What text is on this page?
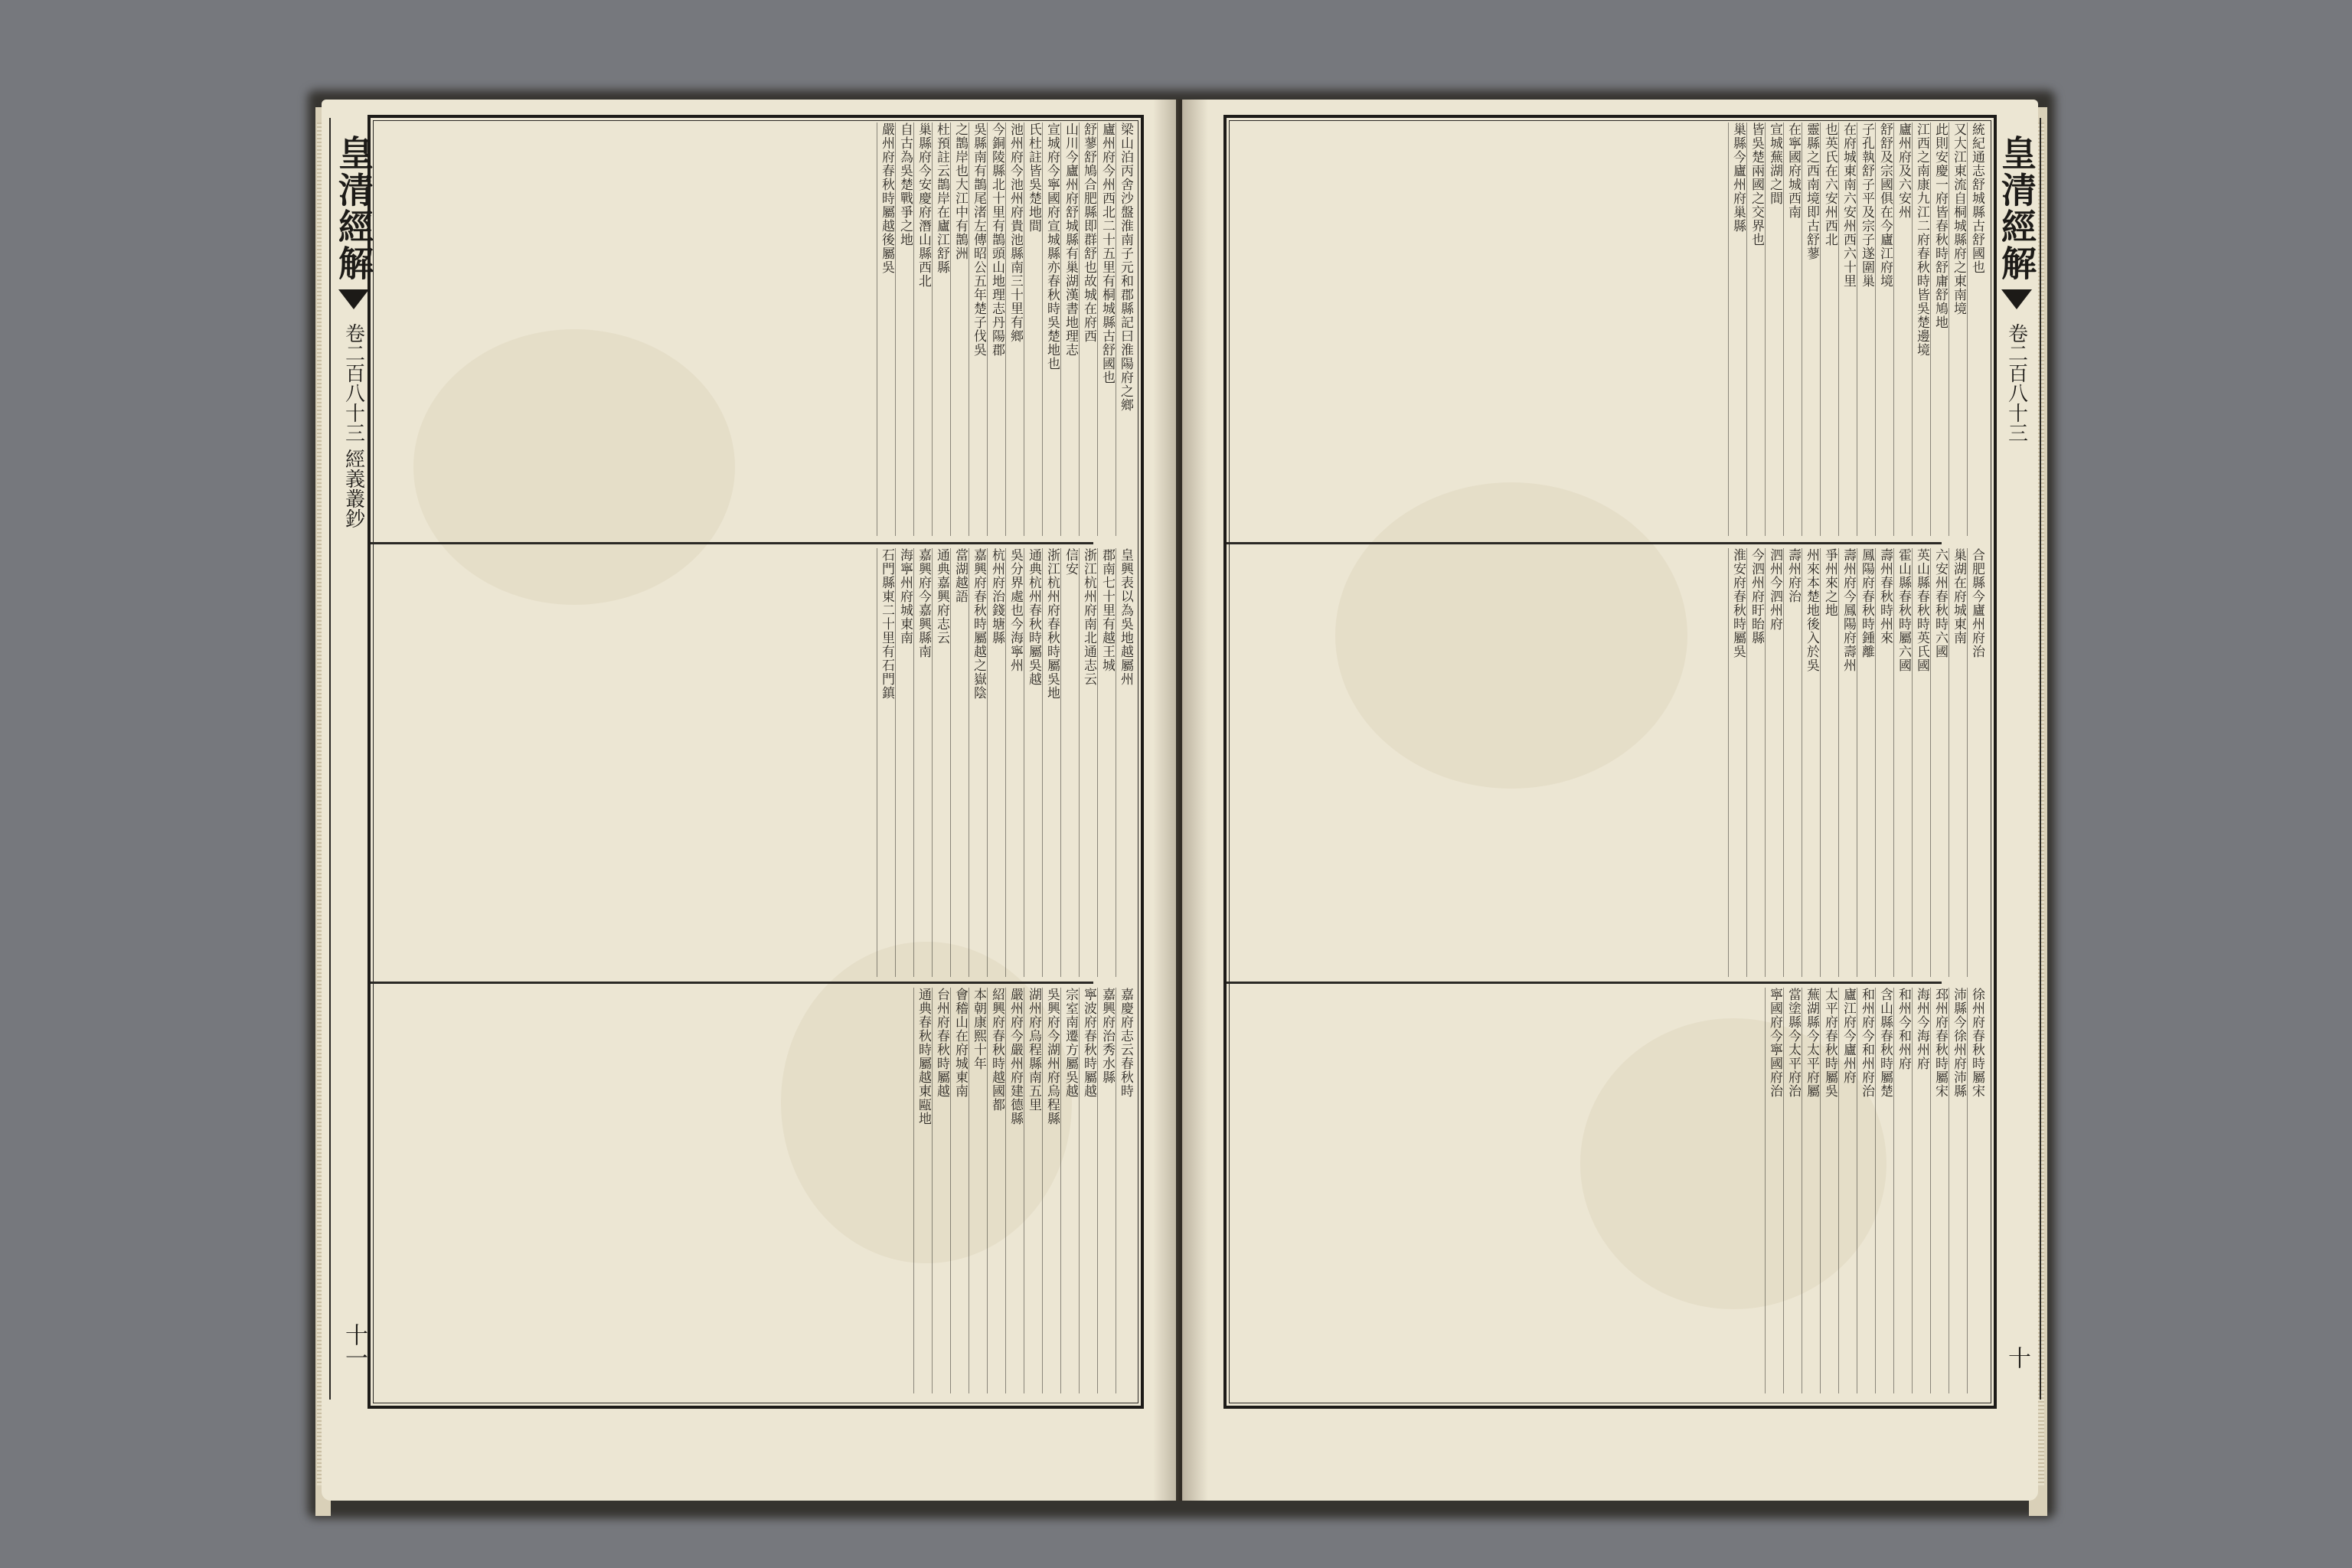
皇清經解
卷二百八十三
經義叢鈔
十一
皇清經解
卷二百八十三
十
梁山泊丙舍沙盤淮南子元和郡縣記曰淮陽府之鄉
廬州府今州西北二十五里有桐城縣古舒國也
舒蓼舒鳩合肥縣即群舒也故城在府西
山川今廬州府舒城縣有巢湖漢書地理志
宣城府今寧國府宣城縣亦春秋時吳楚地也
氏杜註皆吳楚地間
池州府今池州府貴池縣南三十里有鄉
今銅陵縣北十里有鵲頭山地理志丹陽郡
吳縣南有鵲尾渚左傳昭公五年楚子伐吳
之鵲岸也大江中有鵲洲
杜預註云鵲岸在廬江舒縣
巢縣府今安慶府潛山縣西北
自古為吳楚戰爭之地
嚴州府春秋時屬越後屬吳
皇興表以為吳地越屬州
郡南七十里有越王城
浙江杭州府南北通志云
信安
浙江杭州府春秋時屬吳地
通典杭州春秋時屬吳越
吳分界處也今海寧州
杭州府治錢塘縣
嘉興府春秋時屬越之嶽陰
當湖越語
通典嘉興府志云
嘉興府今嘉興縣南
海寧州府城東南
石門縣東二十里有石門鎮
嘉慶府志云春秋時
嘉興府治秀水縣
寧波府春秋時屬越
宗室南遷方屬吳越
吳興府今湖州府烏程縣
湖州府烏程縣南五里
嚴州府今嚴州府建德縣
紹興府春秋時越國都
本朝康熙十年
會稽山在府城東南
台州府春秋時屬越
通典春秋時屬越東甌地
統紀通志舒城縣古舒國也
又大江東流自桐城縣府之東南境
此則安慶一府皆春秋時舒庸舒鳩地
江西之南康九江二府春秋時皆吳楚邊境
廬州府及六安州
舒舒及宗國俱在今廬江府境
子孔執舒子平及宗子遂圍巢
在府城東南六安州西六十里
也英氏在六安州西北
靈縣之西南境即古舒蓼
在寧國府城西南
宣城蕪湖之間
皆吳楚兩國之交界也
巢縣今廬州府巢縣
合肥縣今廬州府治
巢湖在府城東南
六安州春秋時六國
英山縣春秋時英氏國
霍山縣春秋時屬六國
壽州春秋時州來
鳳陽府春秋時鍾離
壽州府今鳳陽府壽州
爭州來之地
州來本楚地後入於吳
壽州府治
泗州今泗州府
今泗州府盱眙縣
淮安府春秋時屬吳
徐州府春秋時屬宋
沛縣今徐州府沛縣
邳州府春秋時屬宋
海州今海州府
和州今和州府
含山縣春秋時屬楚
和州府今和州府治
廬江府今廬州府
太平府春秋時屬吳
蕪湖縣今太平府屬
當塗縣今太平府治
寧國府今寧國府治
